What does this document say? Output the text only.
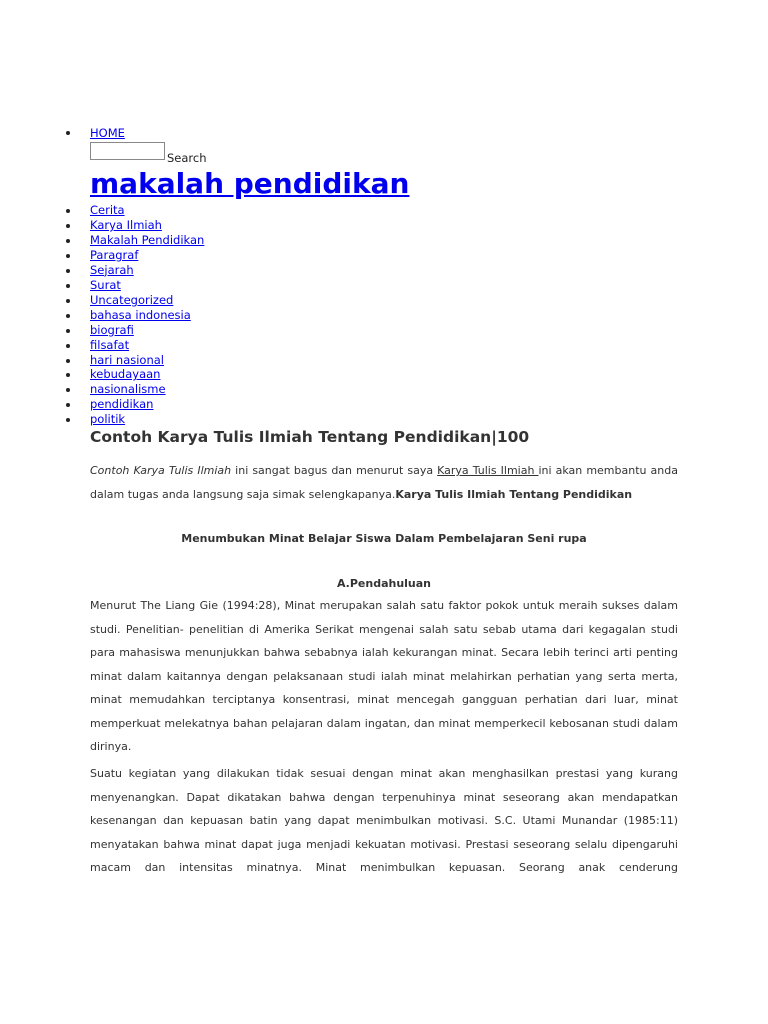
HOME
Search
makalah pendidikan
Cerita
Karya Ilmiah
Makalah Pendidikan
Paragraf
Sejarah
Surat
Uncategorized
bahasa indonesia
biografi
filsafat
hari nasional
kebudayaan
nasionalisme
pendidikan
politik
Contoh Karya Tulis Ilmiah Tentang Pendidikan|100
Contoh Karya Tulis Ilmiah ini sangat bagus dan menurut saya Karya Tulis Ilmiah ini akan membantu anda dalam tugas anda langsung saja simak selengkapanya.Karya Tulis Ilmiah Tentang Pendidikan
Menumbukan Minat Belajar Siswa Dalam Pembelajaran Seni rupa
A.Pendahuluan
Menurut The Liang Gie (1994:28), Minat merupakan salah satu faktor pokok untuk meraih sukses dalam studi. Penelitian- penelitian di Amerika Serikat mengenai salah satu sebab utama dari kegagalan studi para mahasiswa menunjukkan bahwa sebabnya ialah kekurangan minat. Secara lebih terinci arti penting minat dalam kaitannya dengan pelaksanaan studi ialah minat melahirkan perhatian yang serta merta, minat memudahkan terciptanya konsentrasi, minat mencegah gangguan perhatian dari luar, minat memperkuat melekatnya bahan pelajaran dalam ingatan, dan minat memperkecil kebosanan studi dalam dirinya.
Suatu kegiatan yang dilakukan tidak sesuai dengan minat akan menghasilkan prestasi yang kurang menyenangkan. Dapat dikatakan bahwa dengan terpenuhinya minat seseorang akan mendapatkan kesenangan dan kepuasan batin yang dapat menimbulkan motivasi. S.C. Utami Munandar (1985:11) menyatakan bahwa minat dapat juga menjadi kekuatan motivasi. Prestasi seseorang selalu dipengaruhi macam dan intensitas minatnya. Minat menimbulkan kepuasan. Seorang anak cenderung
